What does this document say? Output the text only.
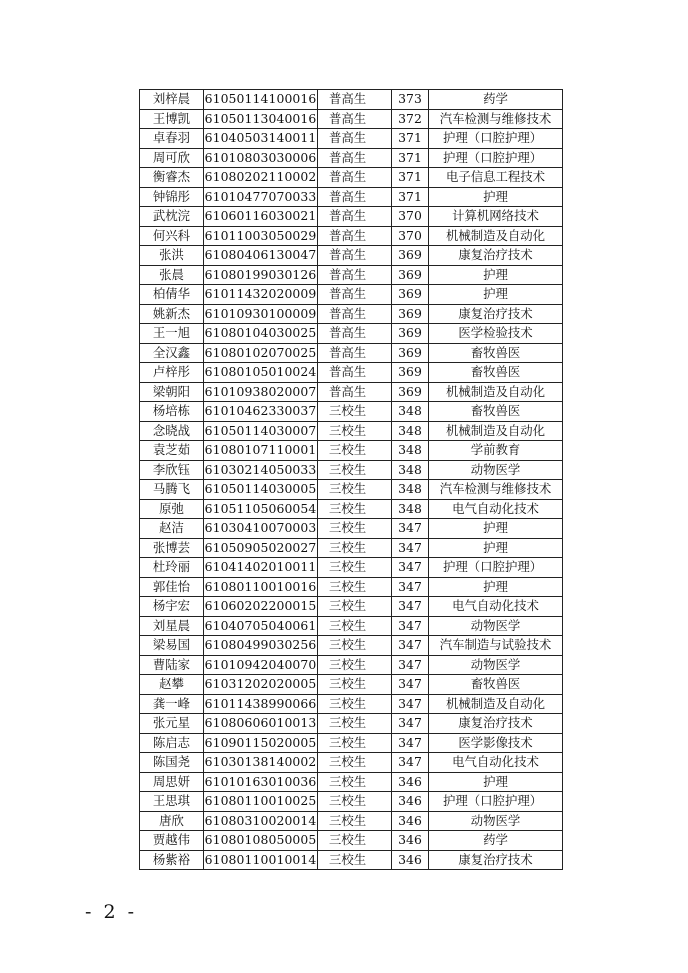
刘梓晨	61050114100016	普高生	373	药学
王博凯	61050113040016	普高生	372	汽车检测与维修技术
卓春羽	61040503140011	普高生	371	护理（口腔护理）
周可欣	61010803030006	普高生	371	护理（口腔护理）
衡睿杰	61080202110002	普高生	371	电子信息工程技术
钟锦彤	61010477070033	普高生	371	护理
武枕浣	61060116030021	普高生	370	计算机网络技术
何兴科	61011003050029	普高生	370	机械制造及自动化
张洪	61080406130047	普高生	369	康复治疗技术
张晨	61080199030126	普高生	369	护理
柏倩华	61011432020009	普高生	369	护理
姚新杰	61010930100009	普高生	369	康复治疗技术
王一旭	61080104030025	普高生	369	医学检验技术
全汉鑫	61080102070025	普高生	369	畜牧兽医
卢梓彤	61080105010024	普高生	369	畜牧兽医
梁朝阳	61010938020007	普高生	369	机械制造及自动化
杨培栋	61010462330037	三校生	348	畜牧兽医
念晓战	61050114030007	三校生	348	机械制造及自动化
袁芝茹	61080107110001	三校生	348	学前教育
李欣钰	61030214050033	三校生	348	动物医学
马腾飞	61050114030005	三校生	348	汽车检测与维修技术
原弛	61051105060054	三校生	348	电气自动化技术
赵洁	61030410070003	三校生	347	护理
张博芸	61050905020027	三校生	347	护理
杜玲丽	61041402010011	三校生	347	护理（口腔护理）
郭佳怡	61080110010016	三校生	347	护理
杨宇宏	61060202200015	三校生	347	电气自动化技术
刘星晨	61040705040061	三校生	347	动物医学
梁易国	61080499030256	三校生	347	汽车制造与试验技术
曹陆家	61010942040070	三校生	347	动物医学
赵攀	61031202020005	三校生	347	畜牧兽医
龚一峰	61011438990066	三校生	347	机械制造及自动化
张元星	61080606010013	三校生	347	康复治疗技术
陈启志	61090115020005	三校生	347	医学影像技术
陈国尧	61030138140002	三校生	347	电气自动化技术
周思妍	61010163010036	三校生	346	护理
王思琪	61080110010025	三校生	346	护理（口腔护理）
唐欣	61080310020014	三校生	346	动物医学
贾越伟	61080108050005	三校生	346	药学
杨紫裕	61080110010014	三校生	346	康复治疗技术
- 2 -
